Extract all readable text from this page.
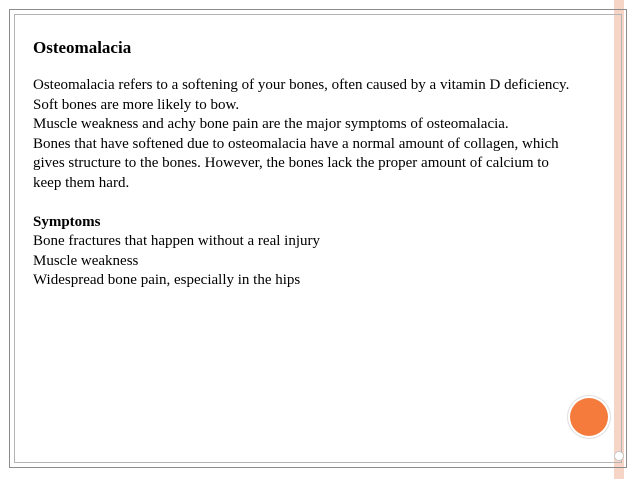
Osteomalacia
Osteomalacia refers to a softening of your bones, often caused by a vitamin D deficiency.
Soft bones are more likely to bow.
Muscle weakness and achy bone pain are the major symptoms of osteomalacia.
Bones that have softened due to osteomalacia have a normal amount of collagen, which
gives structure to the bones. However, the bones lack the proper amount of calcium to
keep them hard.
Symptoms
Bone fractures that happen without a real injury
Muscle weakness
Widespread bone pain, especially in the hips
